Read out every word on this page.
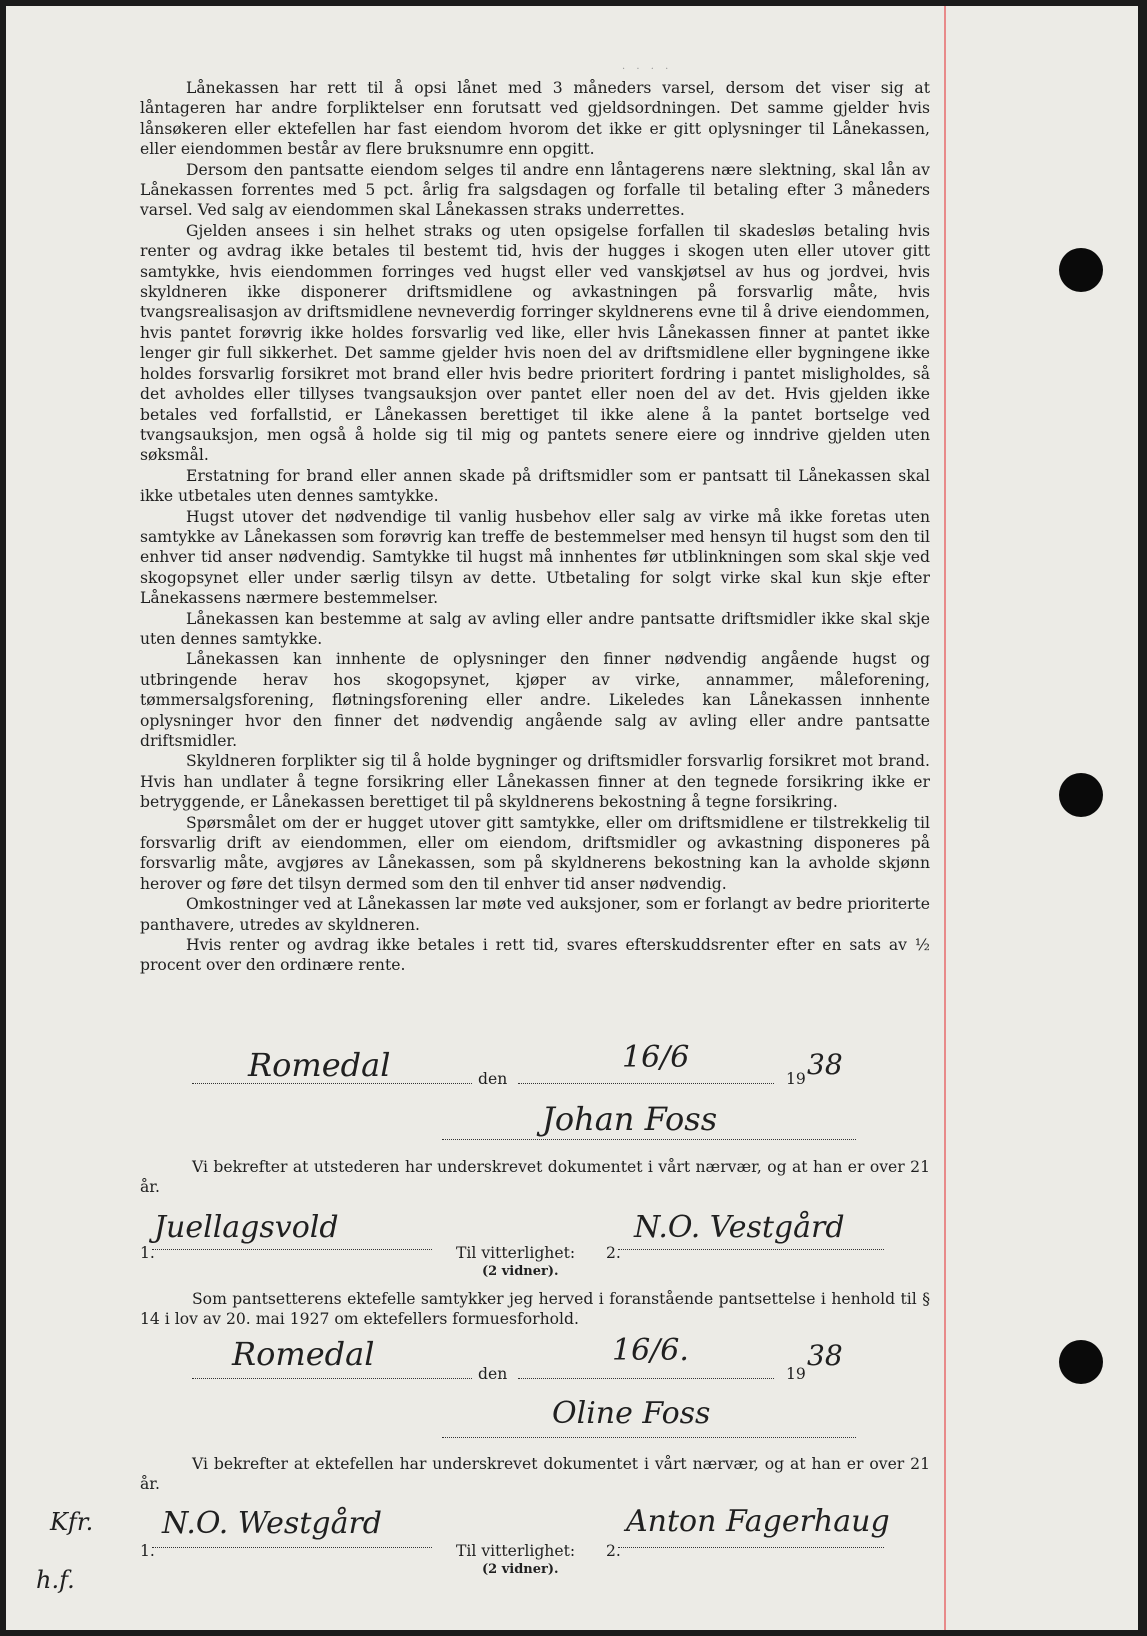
· · · ·

Lånekassen har rett til å opsi lånet med 3 måneders varsel, dersom det viser sig at låntageren har andre forpliktelser enn forutsatt ved gjeldsordningen. Det samme gjelder hvis lånsøkeren eller ektefellen har fast eiendom hvorom det ikke er gitt oplysninger til Lånekassen, eller eiendommen består av flere bruksnumre enn opgitt.

Dersom den pantsatte eiendom selges til andre enn låntagerens nære slektning, skal lån av Lånekassen forrentes med 5 pct. årlig fra salgsdagen og forfalle til betaling efter 3 måneders varsel. Ved salg av eiendommen skal Lånekassen straks underrettes.

Gjelden ansees i sin helhet straks og uten opsigelse forfallen til skadesløs betaling hvis renter og avdrag ikke betales til bestemt tid, hvis der hugges i skogen uten eller utover gitt samtykke, hvis eiendommen forringes ved hugst eller ved vanskjøtsel av hus og jordvei, hvis skyldneren ikke disponerer driftsmidlene og avkastningen på forsvarlig måte, hvis tvangsrealisasjon av driftsmidlene nevneverdig forringer skyldnerens evne til å drive eiendommen, hvis pantet forøvrig ikke holdes forsvarlig ved like, eller hvis Lånekassen finner at pantet ikke lenger gir full sikkerhet. Det samme gjelder hvis noen del av driftsmidlene eller bygningene ikke holdes forsvarlig forsikret mot brand eller hvis bedre prioritert fordring i pantet misligholdes, så det avholdes eller tillyses tvangsauksjon over pantet eller noen del av det. Hvis gjelden ikke betales ved forfallstid, er Lånekassen berettiget til ikke alene å la pantet bortselge ved tvangsauksjon, men også å holde sig til mig og pantets senere eiere og inndrive gjelden uten søksmål.

Erstatning for brand eller annen skade på driftsmidler som er pantsatt til Lånekassen skal ikke utbetales uten dennes samtykke.

Hugst utover det nødvendige til vanlig husbehov eller salg av virke må ikke foretas uten samtykke av Lånekassen som forøvrig kan treffe de bestemmelser med hensyn til hugst som den til enhver tid anser nødvendig. Samtykke til hugst må innhentes før utblinkningen som skal skje ved skogopsynet eller under særlig tilsyn av dette. Utbetaling for solgt virke skal kun skje efter Lånekassens nærmere bestemmelser.

Lånekassen kan bestemme at salg av avling eller andre pantsatte driftsmidler ikke skal skje uten dennes samtykke.

Lånekassen kan innhente de oplysninger den finner nødvendig angående hugst og utbringende herav hos skogopsynet, kjøper av virke, annammer, måleforening, tømmersalgsforening, fløtningsforening eller andre. Likeledes kan Lånekassen innhente oplysninger hvor den finner det nødvendig angående salg av avling eller andre pantsatte driftsmidler.

Skyldneren forplikter sig til å holde bygninger og driftsmidler forsvarlig forsikret mot brand. Hvis han undlater å tegne forsikring eller Lånekassen finner at den tegnede forsikring ikke er betryggende, er Lånekassen berettiget til på skyldnerens bekostning å tegne forsikring.

Spørsmålet om der er hugget utover gitt samtykke, eller om driftsmidlene er tilstrekkelig til forsvarlig drift av eiendommen, eller om eiendom, driftsmidler og avkastning disponeres på forsvarlig måte, avgjøres av Lånekassen, som på skyldnerens bekostning kan la avholde skjønn herover og føre det tilsyn dermed som den til enhver tid anser nødvendig.

Omkostninger ved at Lånekassen lar møte ved auksjoner, som er forlangt av bedre prioriterte panthavere, utredes av skyldneren.

Hvis renter og avdrag ikke betales i rett tid, svares efterskuddsrenter efter en sats av ½ procent over den ordinære rente.

Romedal	den
16/6
19 38
Johan Foss

Vi bekrefter at utstederen har underskrevet dokumentet i vårt nærvær, og at han er over 21 år.

1.
Juellagsvold
Til vitterlighet: 2.
N.O. Vestgård
(2 vidner).

Som pantsetterens ektefelle samtykker jeg herved i foranstående pantsettelse i henhold til § 14 i lov av 20. mai 1927 om ektefellers formuesforhold.

Romedal
den
16/6.
19
38
Oline Foss

Vi bekrefter at ektefellen har underskrevet dokumentet i vårt nærvær, og at han er over 21 år.

1.
N.O. Westgård
Til vitterlighet: 2.
Anton Fagerhaug
(2 vidner).
Kfr.
h.f.
